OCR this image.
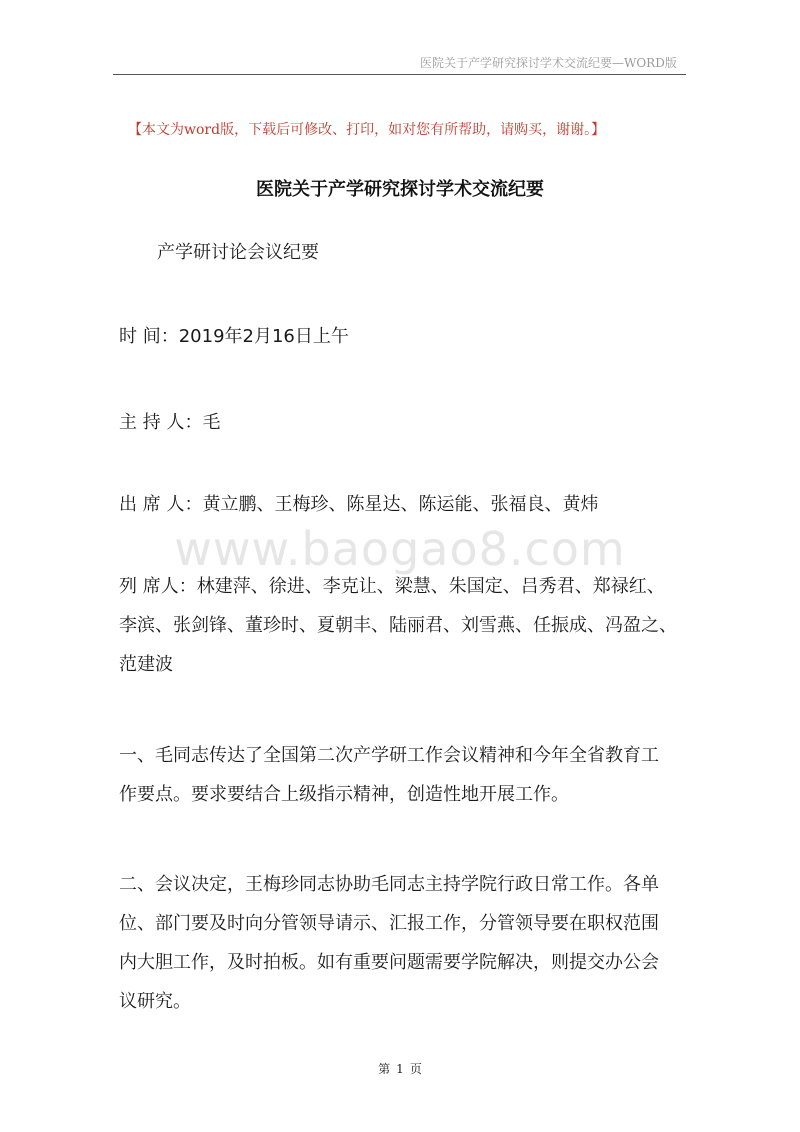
医院关于产学研究探讨学术交流纪要—WORD版
【本文为word版，下载后可修改、打印，如对您有所帮助，请购买，谢谢。】
医院关于产学研究探讨学术交流纪要
产学研讨论会议纪要
时 间：2019年2月16日上午
主 持 人：毛
出 席 人：黄立鹏、王梅珍、陈星达、陈运能、张福良、黄炜
www.baogao8.com
列 席人：林建萍、徐进、李克让、梁慧、朱国定、吕秀君、郑禄红、
李滨、张剑锋、董珍时、夏朝丰、陆丽君、刘雪燕、任振成、冯盈之、
范建波
一、毛同志传达了全国第二次产学研工作会议精神和今年全省教育工
作要点。要求要结合上级指示精神，创造性地开展工作。
二、会议决定，王梅珍同志协助毛同志主持学院行政日常工作。各单
位、部门要及时向分管领导请示、汇报工作，分管领导要在职权范围
内大胆工作，及时拍板。如有重要问题需要学院解决，则提交办公会
议研究。
第 1 页
